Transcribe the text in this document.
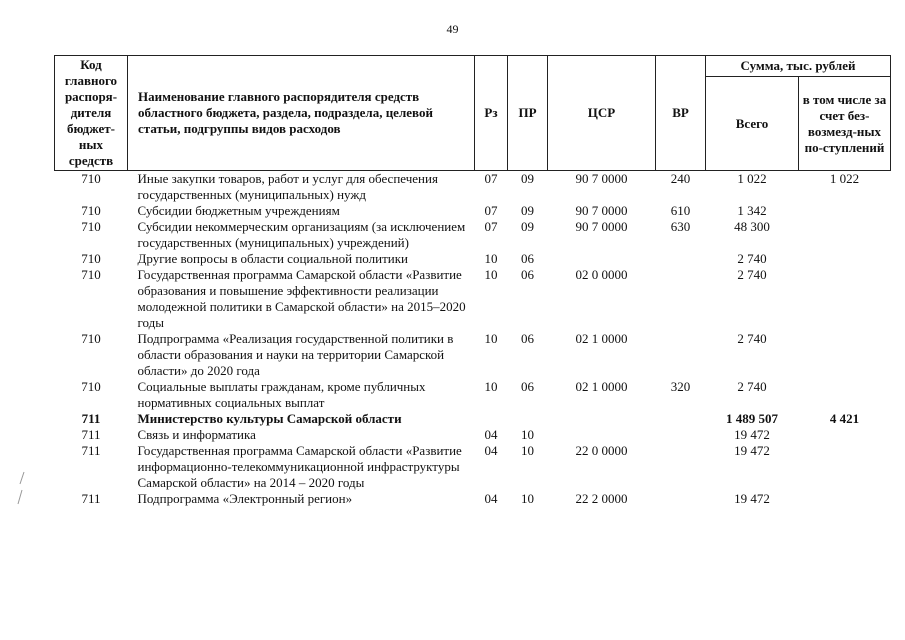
49
Код главного распоря-дителя бюджет-ных средств	Наименование главного распорядителя средств областного бюджета, раздела, подраздела, целевой статьи, подгруппы видов расходов	Рз	ПР	ЦСР	ВР	Сумма, тыс. рублей	
						Всего	в том числе за счет без-возмезд-ных по-ступлений
710	Иные закупки товаров, работ и услуг для обеспечения государственных (муниципальных) нужд	07	09	90 7 0000	240	1 022	1 022
710	Субсидии бюджетным учреждениям	07	09	90 7 0000	610	1 342	
710	Субсидии некоммерческим организациям (за исключением государственных (муниципальных) учреждений)	07	09	90 7 0000	630	48 300	
710	Другие вопросы в области социальной политики	10	06			2 740	
710	Государственная программа Самарской области «Развитие образования и повышение эффективности реализации молодежной политики в Самарской области» на 2015–2020 годы	10	06	02 0 0000		2 740	
710	Подпрограмма «Реализация государственной политики в области образования и науки на территории Самарской области» до 2020 года	10	06	02 1 0000		2 740	
710	Социальные выплаты гражданам, кроме публичных нормативных социальных выплат	10	06	02 1 0000	320	2 740	
711	Министерство культуры Самарской области					1 489 507	4 421
711	Связь и информатика	04	10			19 472	
711	Государственная программа Самарской области «Развитие информационно-телекоммуникационной инфраструктуры Самарской области» на 2014 – 2020 годы	04	10	22 0 0000		19 472	
711	Подпрограмма «Электронный регион»	04	10	22 2 0000		19 472	
